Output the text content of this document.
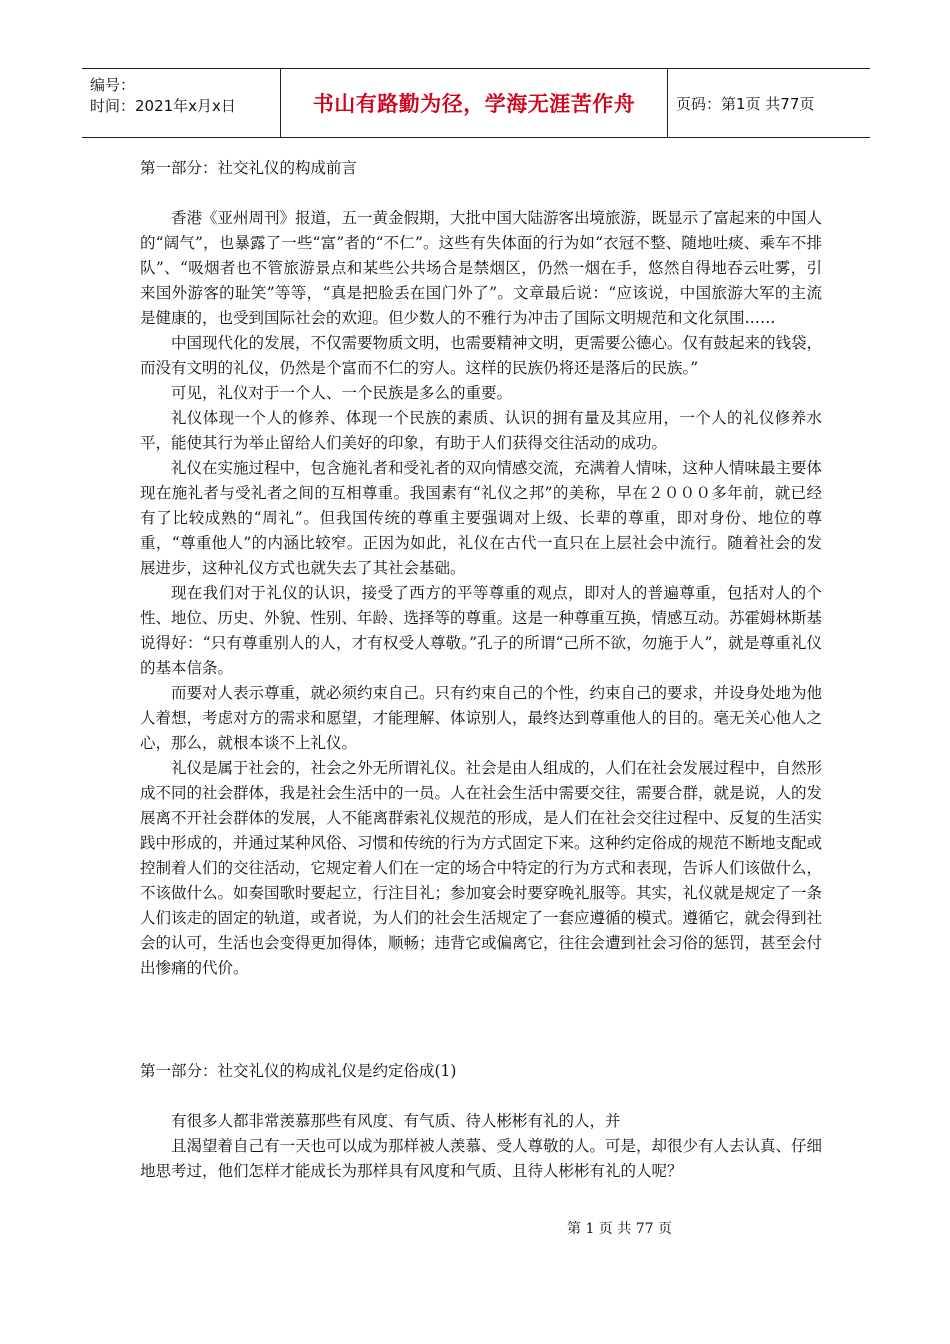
编号：
时间：2021年x月x日	书山有路勤为径，学海无涯苦作舟	页码：第1页 共77页

第一部分：社交礼仪的构成前言

香港《亚州周刊》报道，五一黄金假期，大批中国大陆游客出境旅游，既显示了富起来的中国人的“阔气”，也暴露了一些“富”者的“不仁”。这些有失体面的行为如“衣冠不整、随地吐痰、乘车不排队”、“吸烟者也不管旅游景点和某些公共场合是禁烟区，仍然一烟在手，悠然自得地吞云吐雾，引来国外游客的耻笑”等等，“真是把脸丢在国门外了”。文章最后说：“应该说，中国旅游大军的主流是健康的，也受到国际社会的欢迎。但少数人的不雅行为冲击了国际文明规范和文化氛围……

中国现代化的发展，不仅需要物质文明，也需要精神文明，更需要公德心。仅有鼓起来的钱袋，而没有文明的礼仪，仍然是个富而不仁的穷人。这样的民族仍将还是落后的民族。”

可见，礼仪对于一个人、一个民族是多么的重要。

礼仪体现一个人的修养、体现一个民族的素质、认识的拥有量及其应用，一个人的礼仪修养水平，能使其行为举止留给人们美好的印象，有助于人们获得交往活动的成功。

礼仪在实施过程中，包含施礼者和受礼者的双向情感交流，充满着人情味，这种人情味最主要体现在施礼者与受礼者之间的互相尊重。我国素有“礼仪之邦”的美称，早在２０００多年前，就已经有了比较成熟的“周礼”。但我国传统的尊重主要强调对上级、长辈的尊重，即对身份、地位的尊重，“尊重他人”的内涵比较窄。正因为如此，礼仪在古代一直只在上层社会中流行。随着社会的发展进步，这种礼仪方式也就失去了其社会基础。

现在我们对于礼仪的认识，接受了西方的平等尊重的观点，即对人的普遍尊重，包括对人的个性、地位、历史、外貌、性别、年龄、选择等的尊重。这是一种尊重互换，情感互动。苏霍姆林斯基说得好：“只有尊重别人的人，才有权受人尊敬。”孔子的所谓“己所不欲，勿施于人”，就是尊重礼仪的基本信条。

而要对人表示尊重，就必须约束自己。只有约束自己的个性，约束自己的要求，并设身处地为他人着想，考虑对方的需求和愿望，才能理解、体谅别人，最终达到尊重他人的目的。毫无关心他人之心，那么，就根本谈不上礼仪。

礼仪是属于社会的，社会之外无所谓礼仪。社会是由人组成的，人们在社会发展过程中，自然形成不同的社会群体，我是社会生活中的一员。人在社会生活中需要交往，需要合群，就是说，人的发展离不开社会群体的发展，人不能离群索礼仪规范的形成，是人们在社会交往过程中、反复的生活实践中形成的，并通过某种风俗、习惯和传统的行为方式固定下来。这种约定俗成的规范不断地支配或控制着人们的交往活动，它规定着人们在一定的场合中特定的行为方式和表现，告诉人们该做什么，不该做什么。如奏国歌时要起立，行注目礼；参加宴会时要穿晚礼服等。其实，礼仪就是规定了一条人们该走的固定的轨道，或者说，为人们的社会生活规定了一套应遵循的模式。遵循它，就会得到社会的认可，生活也会变得更加得体，顺畅；违背它或偏离它，往往会遭到社会习俗的惩罚，甚至会付出惨痛的代价。

第一部分：社交礼仪的构成礼仪是约定俗成(1)

有很多人都非常羡慕那些有风度、有气质、待人彬彬有礼的人，并

且渴望着自己有一天也可以成为那样被人羡慕、受人尊敬的人。可是，却很少有人去认真、仔细地思考过，他们怎样才能成长为那样具有风度和气质、且待人彬彬有礼的人呢？

第 1 页 共 77 页
